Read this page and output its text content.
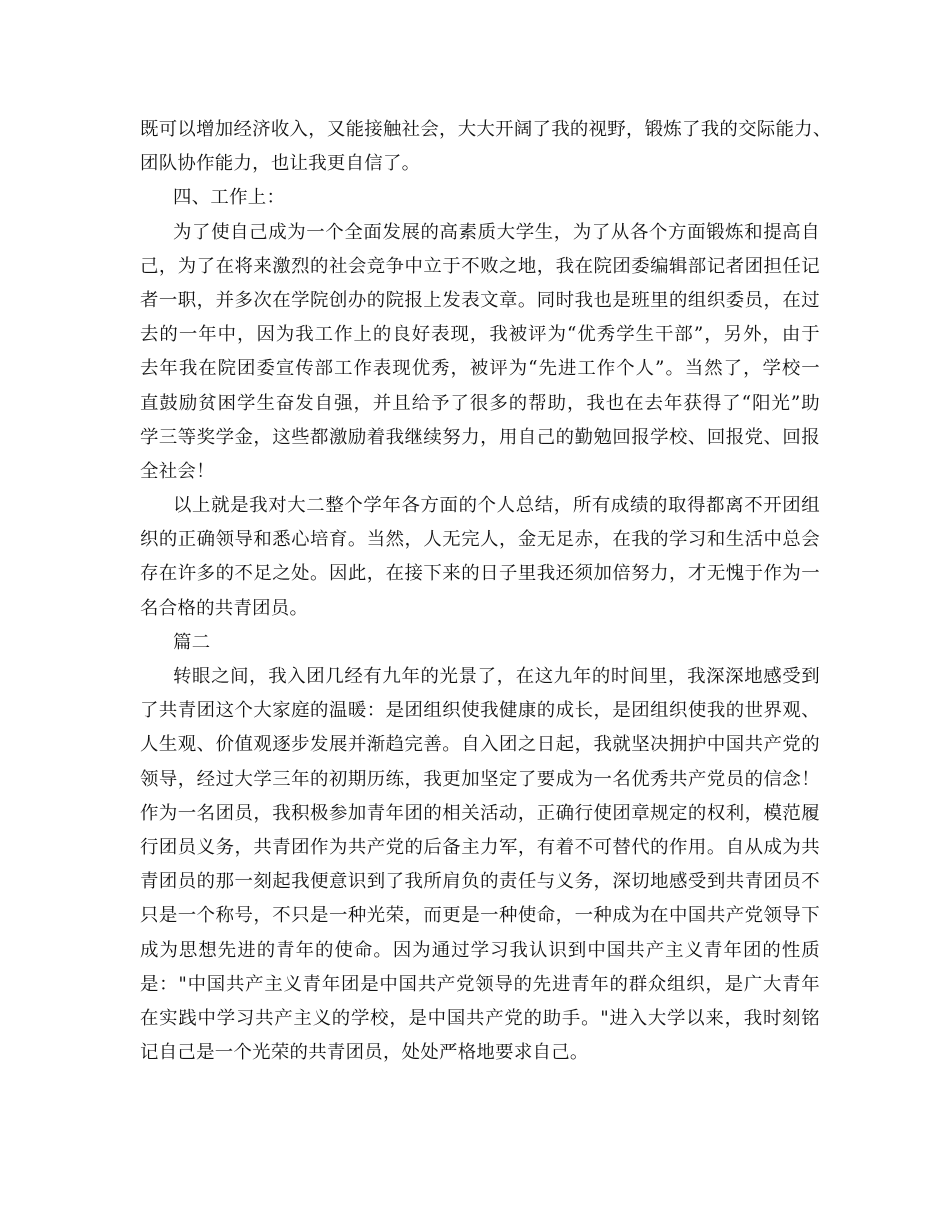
既可以增加经济收入，又能接触社会，大大开阔了我的视野，锻炼了我的交际能力、
团队协作能力，也让我更自信了。
四、工作上：
为了使自己成为一个全面发展的高素质大学生，为了从各个方面锻炼和提高自
己，为了在将来激烈的社会竞争中立于不败之地，我在院团委编辑部记者团担任记
者一职，并多次在学院创办的院报上发表文章。同时我也是班里的组织委员，在过
去的一年中，因为我工作上的良好表现，我被评为“优秀学生干部”，另外，由于
去年我在院团委宣传部工作表现优秀，被评为“先进工作个人”。当然了，学校一
直鼓励贫困学生奋发自强，并且给予了很多的帮助，我也在去年获得了“阳光”助
学三等奖学金，这些都激励着我继续努力，用自己的勤勉回报学校、回报党、回报
全社会！
以上就是我对大二整个学年各方面的个人总结，所有成绩的取得都离不开团组
织的正确领导和悉心培育。当然，人无完人，金无足赤，在我的学习和生活中总会
存在许多的不足之处。因此，在接下来的日子里我还须加倍努力，才无愧于作为一
名合格的共青团员。
篇二
转眼之间，我入团几经有九年的光景了，在这九年的时间里，我深深地感受到
了共青团这个大家庭的温暖：是团组织使我健康的成长，是团组织使我的世界观、
人生观、价值观逐步发展并渐趋完善。自入团之日起，我就坚决拥护中国共产党的
领导，经过大学三年的初期历练，我更加坚定了要成为一名优秀共产党员的信念！
作为一名团员，我积极参加青年团的相关活动，正确行使团章规定的权利，模范履
行团员义务，共青团作为共产党的后备主力军，有着不可替代的作用。自从成为共
青团员的那一刻起我便意识到了我所肩负的责任与义务，深切地感受到共青团员不
只是一个称号，不只是一种光荣，而更是一种使命，一种成为在中国共产党领导下
成为思想先进的青年的使命。因为通过学习我认识到中国共产主义青年团的性质
是："中国共产主义青年团是中国共产党领导的先进青年的群众组织，是广大青年
在实践中学习共产主义的学校，是中国共产党的助手。"进入大学以来，我时刻铭
记自己是一个光荣的共青团员，处处严格地要求自己。
